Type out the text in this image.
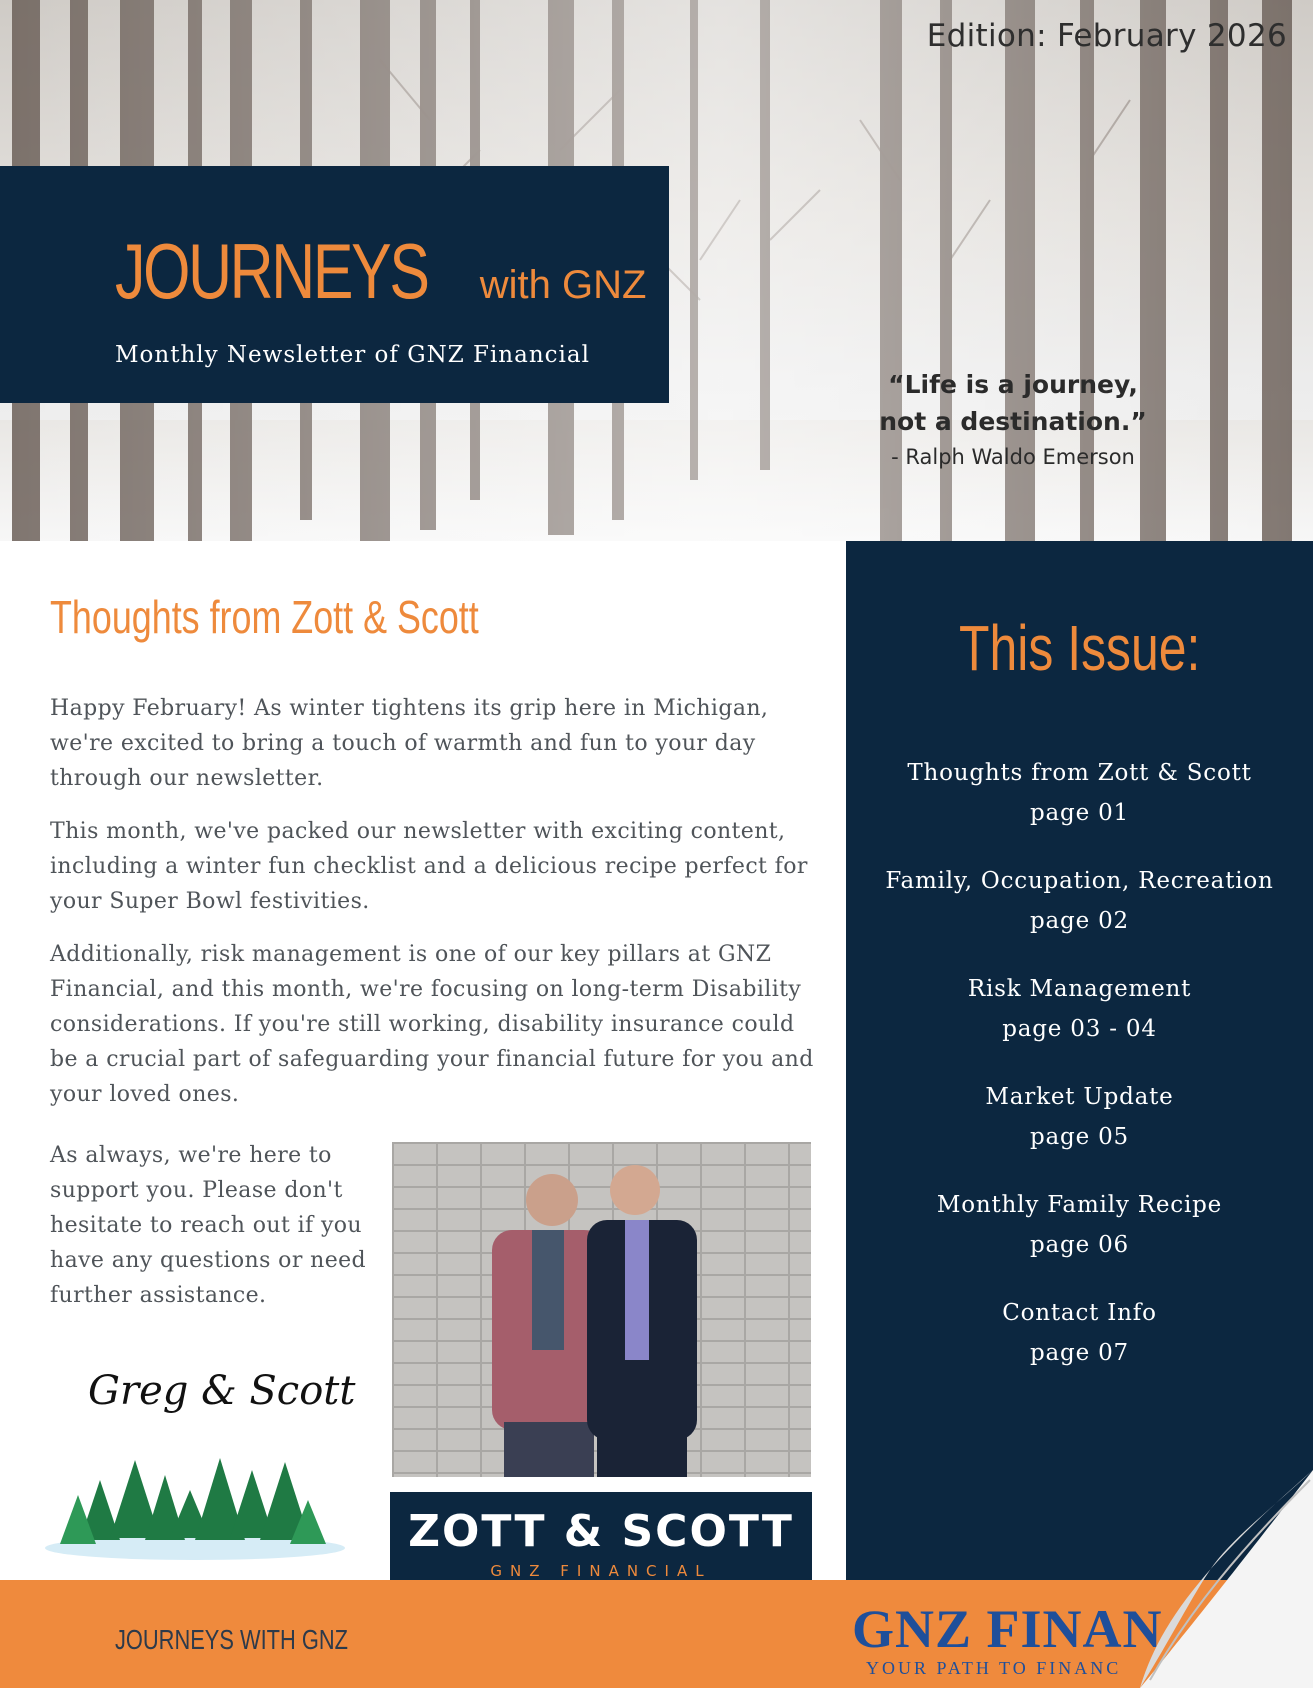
Edition: February 2026
JOURNEYS with GNZ
Monthly Newsletter of GNZ Financial
“Life is a journey,
not a destination.”
- Ralph Waldo Emerson
Thoughts from Zott & Scott
Happy February! As winter tightens its grip here in Michigan, we're excited to bring a touch of warmth and fun to your day through our newsletter.
This month, we've packed our newsletter with exciting content, including a winter fun checklist and a delicious recipe perfect for your Super Bowl festivities.
Additionally, risk management is one of our key pillars at GNZ Financial, and this month, we're focusing on long-term Disability considerations. If you're still working, disability insurance could be a crucial part of safeguarding your financial future for you and your loved ones.
As always, we're here to support you. Please don't hesitate to reach out if you have any questions or need further assistance.
Greg & Scott
ZOTT & SCOTT
GNZ FINANCIAL
This Issue:
Thoughts from Zott & Scott
page 01
Family, Occupation, Recreation
page 02
Risk Management
page 03 - 04
Market Update
page 05
Monthly Family Recipe
page 06
Contact Info
page 07
JOURNEYS WITH GNZ	GNZ FINAN
YOUR PATH TO FINANC
